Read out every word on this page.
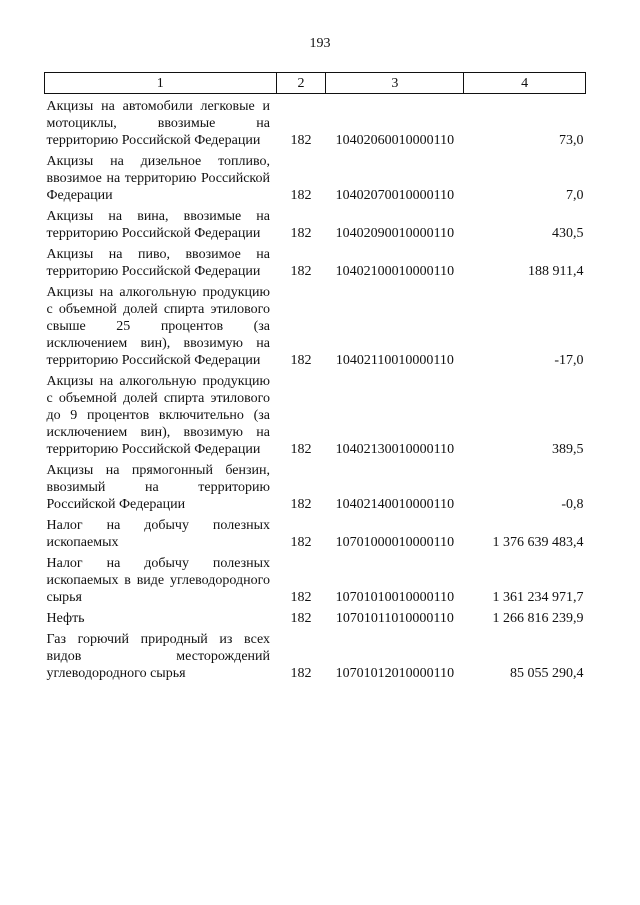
193
1	2	3	4
Акцизы на автомобили легковые и мотоциклы, ввозимые на территорию Российской Федерации	182	10402060010000110	73,0
Акцизы на дизельное топливо, ввозимое на территорию Российской Федерации	182	10402070010000110	7,0
Акцизы на вина, ввозимые на территорию Российской Федерации	182	10402090010000110	430,5
Акцизы на пиво, ввозимое на территорию Российской Федерации	182	10402100010000110	188 911,4
Акцизы на алкогольную продукцию с объемной долей спирта этилового свыше 25 процентов (за исключением вин), ввозимую на территорию Российской Федерации	182	10402110010000110	-17,0
Акцизы на алкогольную продукцию с объемной долей спирта этилового до 9 процентов включительно (за исключением вин), ввозимую на территорию Российской Федерации	182	10402130010000110	389,5
Акцизы на прямогонный бензин, ввозимый на территорию Российской Федерации	182	10402140010000110	-0,8
Налог на добычу полезных ископаемых	182	10701000010000110	1 376 639 483,4
Налог на добычу полезных ископаемых в виде углеводородного сырья	182	10701010010000110	1 361 234 971,7
Нефть	182	10701011010000110	1 266 816 239,9
Газ горючий природный из всех видов месторождений углеводородного сырья	182	10701012010000110	85 055 290,4
